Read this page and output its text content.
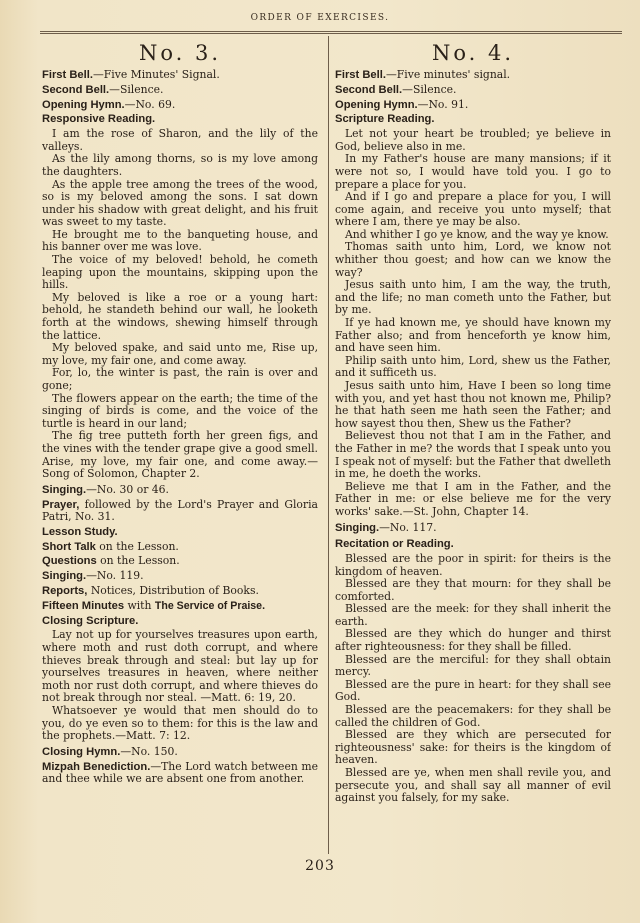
ORDER OF EXERCISES.
No. 3.
First Bell.—Five Minutes' Signal.
Second Bell.—Silence.
Opening Hymn.—No. 69.
Responsive Reading.

I am the rose of Sharon, and the lily of the valleys.

As the lily among thorns, so is my love among the daughters.

As the apple tree among the trees of the wood, so is my beloved among the sons. I sat down under his shadow with great delight, and his fruit was sweet to my taste.

He brought me to the banqueting house, and his banner over me was love.

The voice of my beloved! behold, he cometh leaping upon the mountains, skipping upon the hills.

My beloved is like a roe or a young hart: behold, he standeth behind our wall, he looketh forth at the windows, shewing himself through the lattice.

My beloved spake, and said unto me, Rise up, my love, my fair one, and come away.

For, lo, the winter is past, the rain is over and gone;

The flowers appear on the earth; the time of the singing of birds is come, and the voice of the turtle is heard in our land;

The fig tree putteth forth her green figs, and the vines with the tender grape give a good smell. Arise, my love, my fair one, and come away.—Song of Solomon, Chapter 2.

Singing.—No. 30 or 46.
Prayer, followed by the Lord's Prayer and Gloria Patri, No. 31.
Lesson Study.
Short Talk on the Lesson.
Questions on the Lesson.
Singing.—No. 119.
Reports, Notices, Distribution of Books.
Fifteen Minutes with The Service of Praise.
Closing Scripture.

Lay not up for yourselves treasures upon earth, where moth and rust doth corrupt, and where thieves break through and steal: but lay up for yourselves treasures in heaven, where neither moth nor rust doth corrupt, and where thieves do not break through nor steal. —Matt. 6: 19, 20.

Whatsoever ye would that men should do to you, do ye even so to them: for this is the law and the prophets.—Matt. 7: 12.

Closing Hymn.—No. 150.
Mizpah Benediction.—The Lord watch between me and thee while we are absent one from another.
No. 4.
First Bell.—Five minutes' signal.
Second Bell.—Silence.
Opening Hymn.—No. 91.
Scripture Reading.

Let not your heart be troubled; ye believe in God, believe also in me.

In my Father's house are many mansions; if it were not so, I would have told you. I go to prepare a place for you.

And if I go and prepare a place for you, I will come again, and receive you unto myself; that where I am, there ye may be also.

And whither I go ye know, and the way ye know.

Thomas saith unto him, Lord, we know not whither thou goest; and how can we know the way?

Jesus saith unto him, I am the way, the truth, and the life; no man cometh unto the Father, but by me.

If ye had known me, ye should have known my Father also; and from henceforth ye know him, and have seen him.

Philip saith unto him, Lord, shew us the Father, and it sufficeth us.

Jesus saith unto him, Have I been so long time with you, and yet hast thou not known me, Philip? he that hath seen me hath seen the Father; and how sayest thou then, Shew us the Father?

Believest thou not that I am in the Father, and the Father in me? the words that I speak unto you I speak not of myself: but the Father that dwelleth in me, he doeth the works.

Believe me that I am in the Father, and the Father in me: or else believe me for the very works' sake.—St. John, Chapter 14.

Singing.—No. 117.
Recitation or Reading.

Blessed are the poor in spirit: for theirs is the kingdom of heaven.

Blessed are they that mourn: for they shall be comforted.

Blessed are the meek: for they shall inherit the earth.

Blessed are they which do hunger and thirst after righteousness: for they shall be filled.

Blessed are the merciful: for they shall obtain mercy.

Blessed are the pure in heart: for they shall see God.

Blessed are the peacemakers: for they shall be called the children of God.

Blessed are they which are persecuted for righteousness' sake: for theirs is the kingdom of heaven.

Blessed are ye, when men shall revile you, and persecute you, and shall say all manner of evil against you falsely, for my sake.

203
